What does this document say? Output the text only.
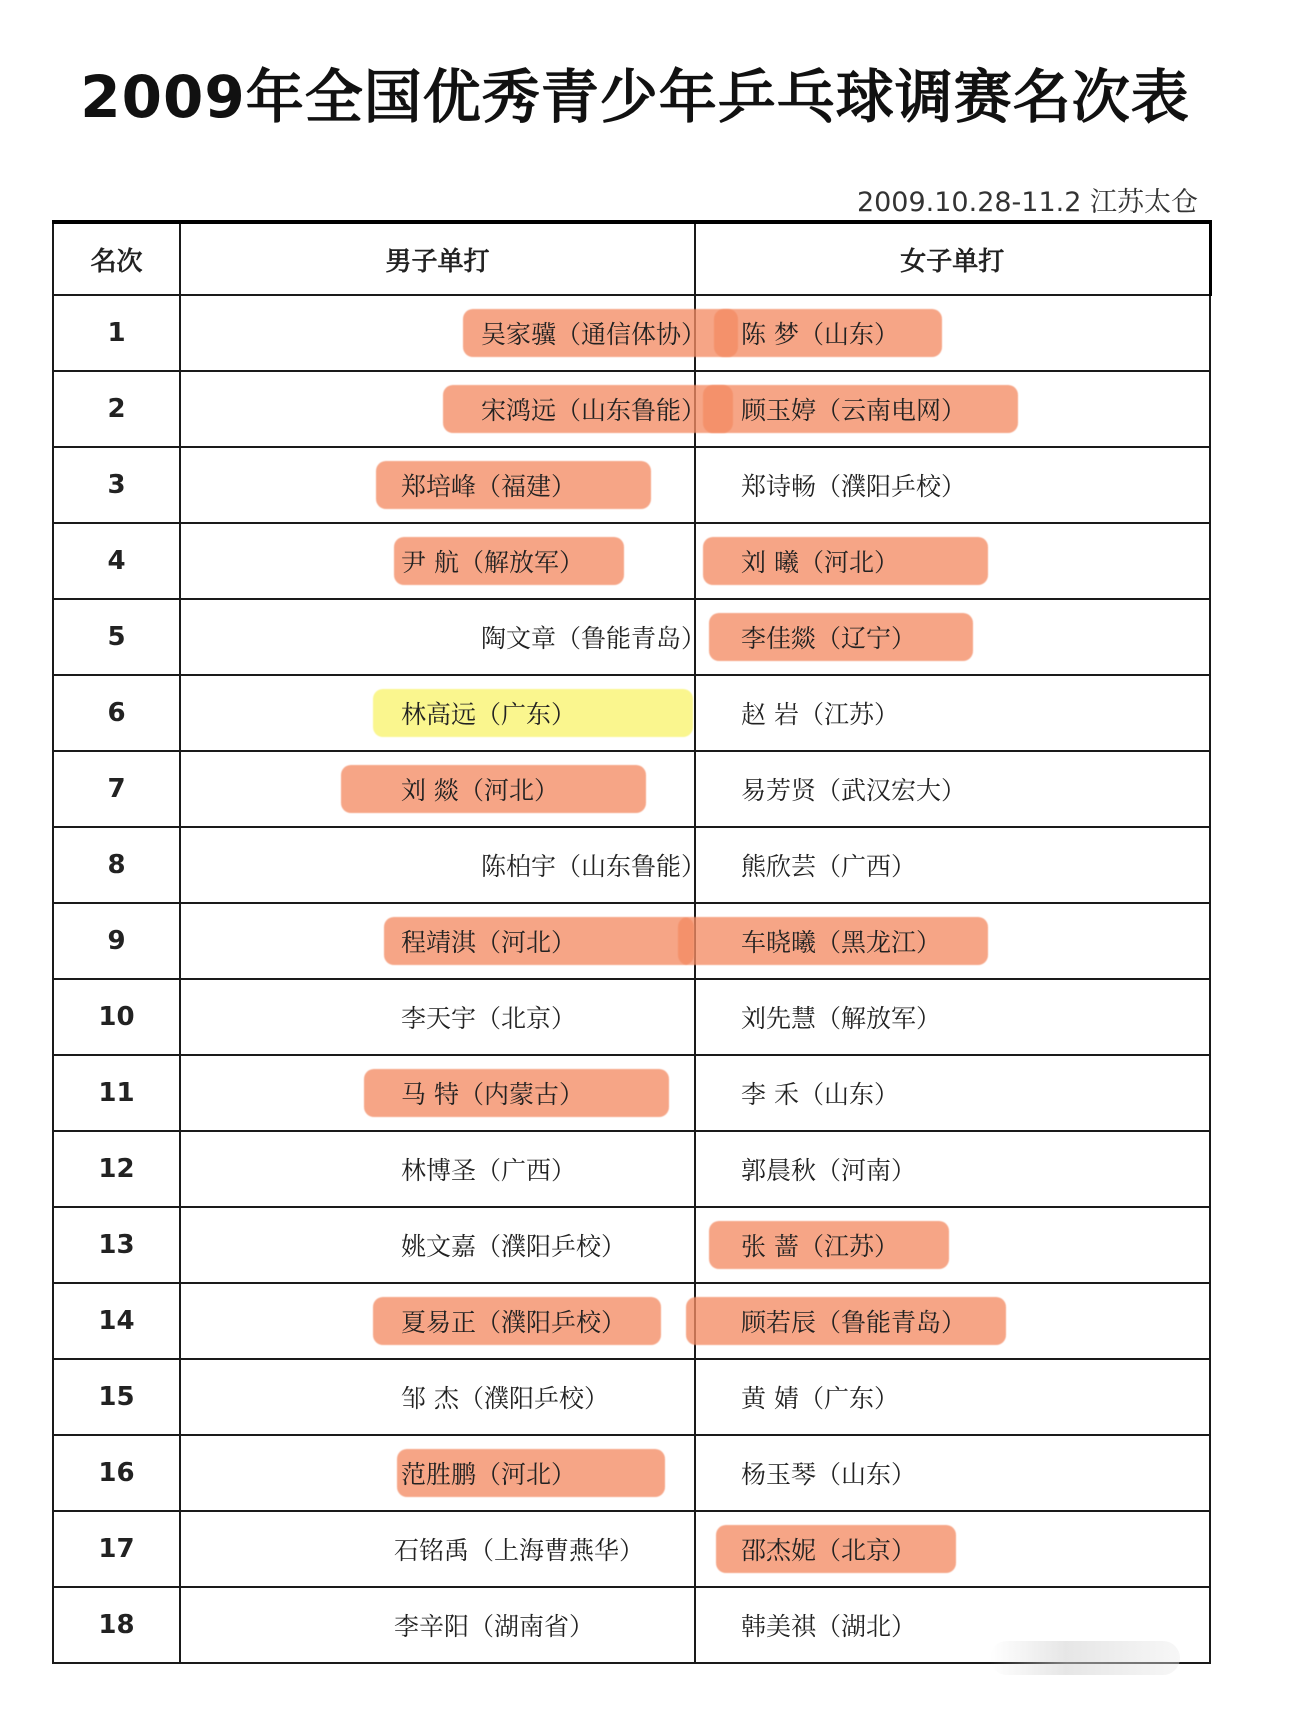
2009年全国优秀青少年乒乓球调赛名次表
2009.10.28-11.2 江苏太仓
名次	男子单打	女子单打
1	吴家骥（通信体协）	陈 梦（山东）

2	宋鸿远（山东鲁能）	顾玉婷（云南电网）

3	郑培峰（福建）	郑诗畅（濮阳乒校）

4	尹 航（解放军）	刘 曦（河北）

5	陶文章（鲁能青岛）	李佳燚（辽宁）

6	林高远（广东）	赵 岩（江苏）

7	刘 燚（河北）	易芳贤（武汉宏大）

8	陈柏宇（山东鲁能）	熊欣芸（广西）

9	程靖淇（河北）	车晓曦（黑龙江）

10	李天宇（北京）	刘先慧（解放军）

11	马 特（内蒙古）	李 禾（山东）

12	林博圣（广西）	郭晨秋（河南）

13	姚文嘉（濮阳乒校）	张 蔷（江苏）

14	夏易正（濮阳乒校）	顾若辰（鲁能青岛）

15	邹 杰（濮阳乒校）	黄 婧（广东）

16	范胜鹏（河北）	杨玉琴（山东）

17	石铭禹（上海曹燕华）	邵杰妮（北京）

18	李辛阳（湖南省）	韩美祺（湖北）
